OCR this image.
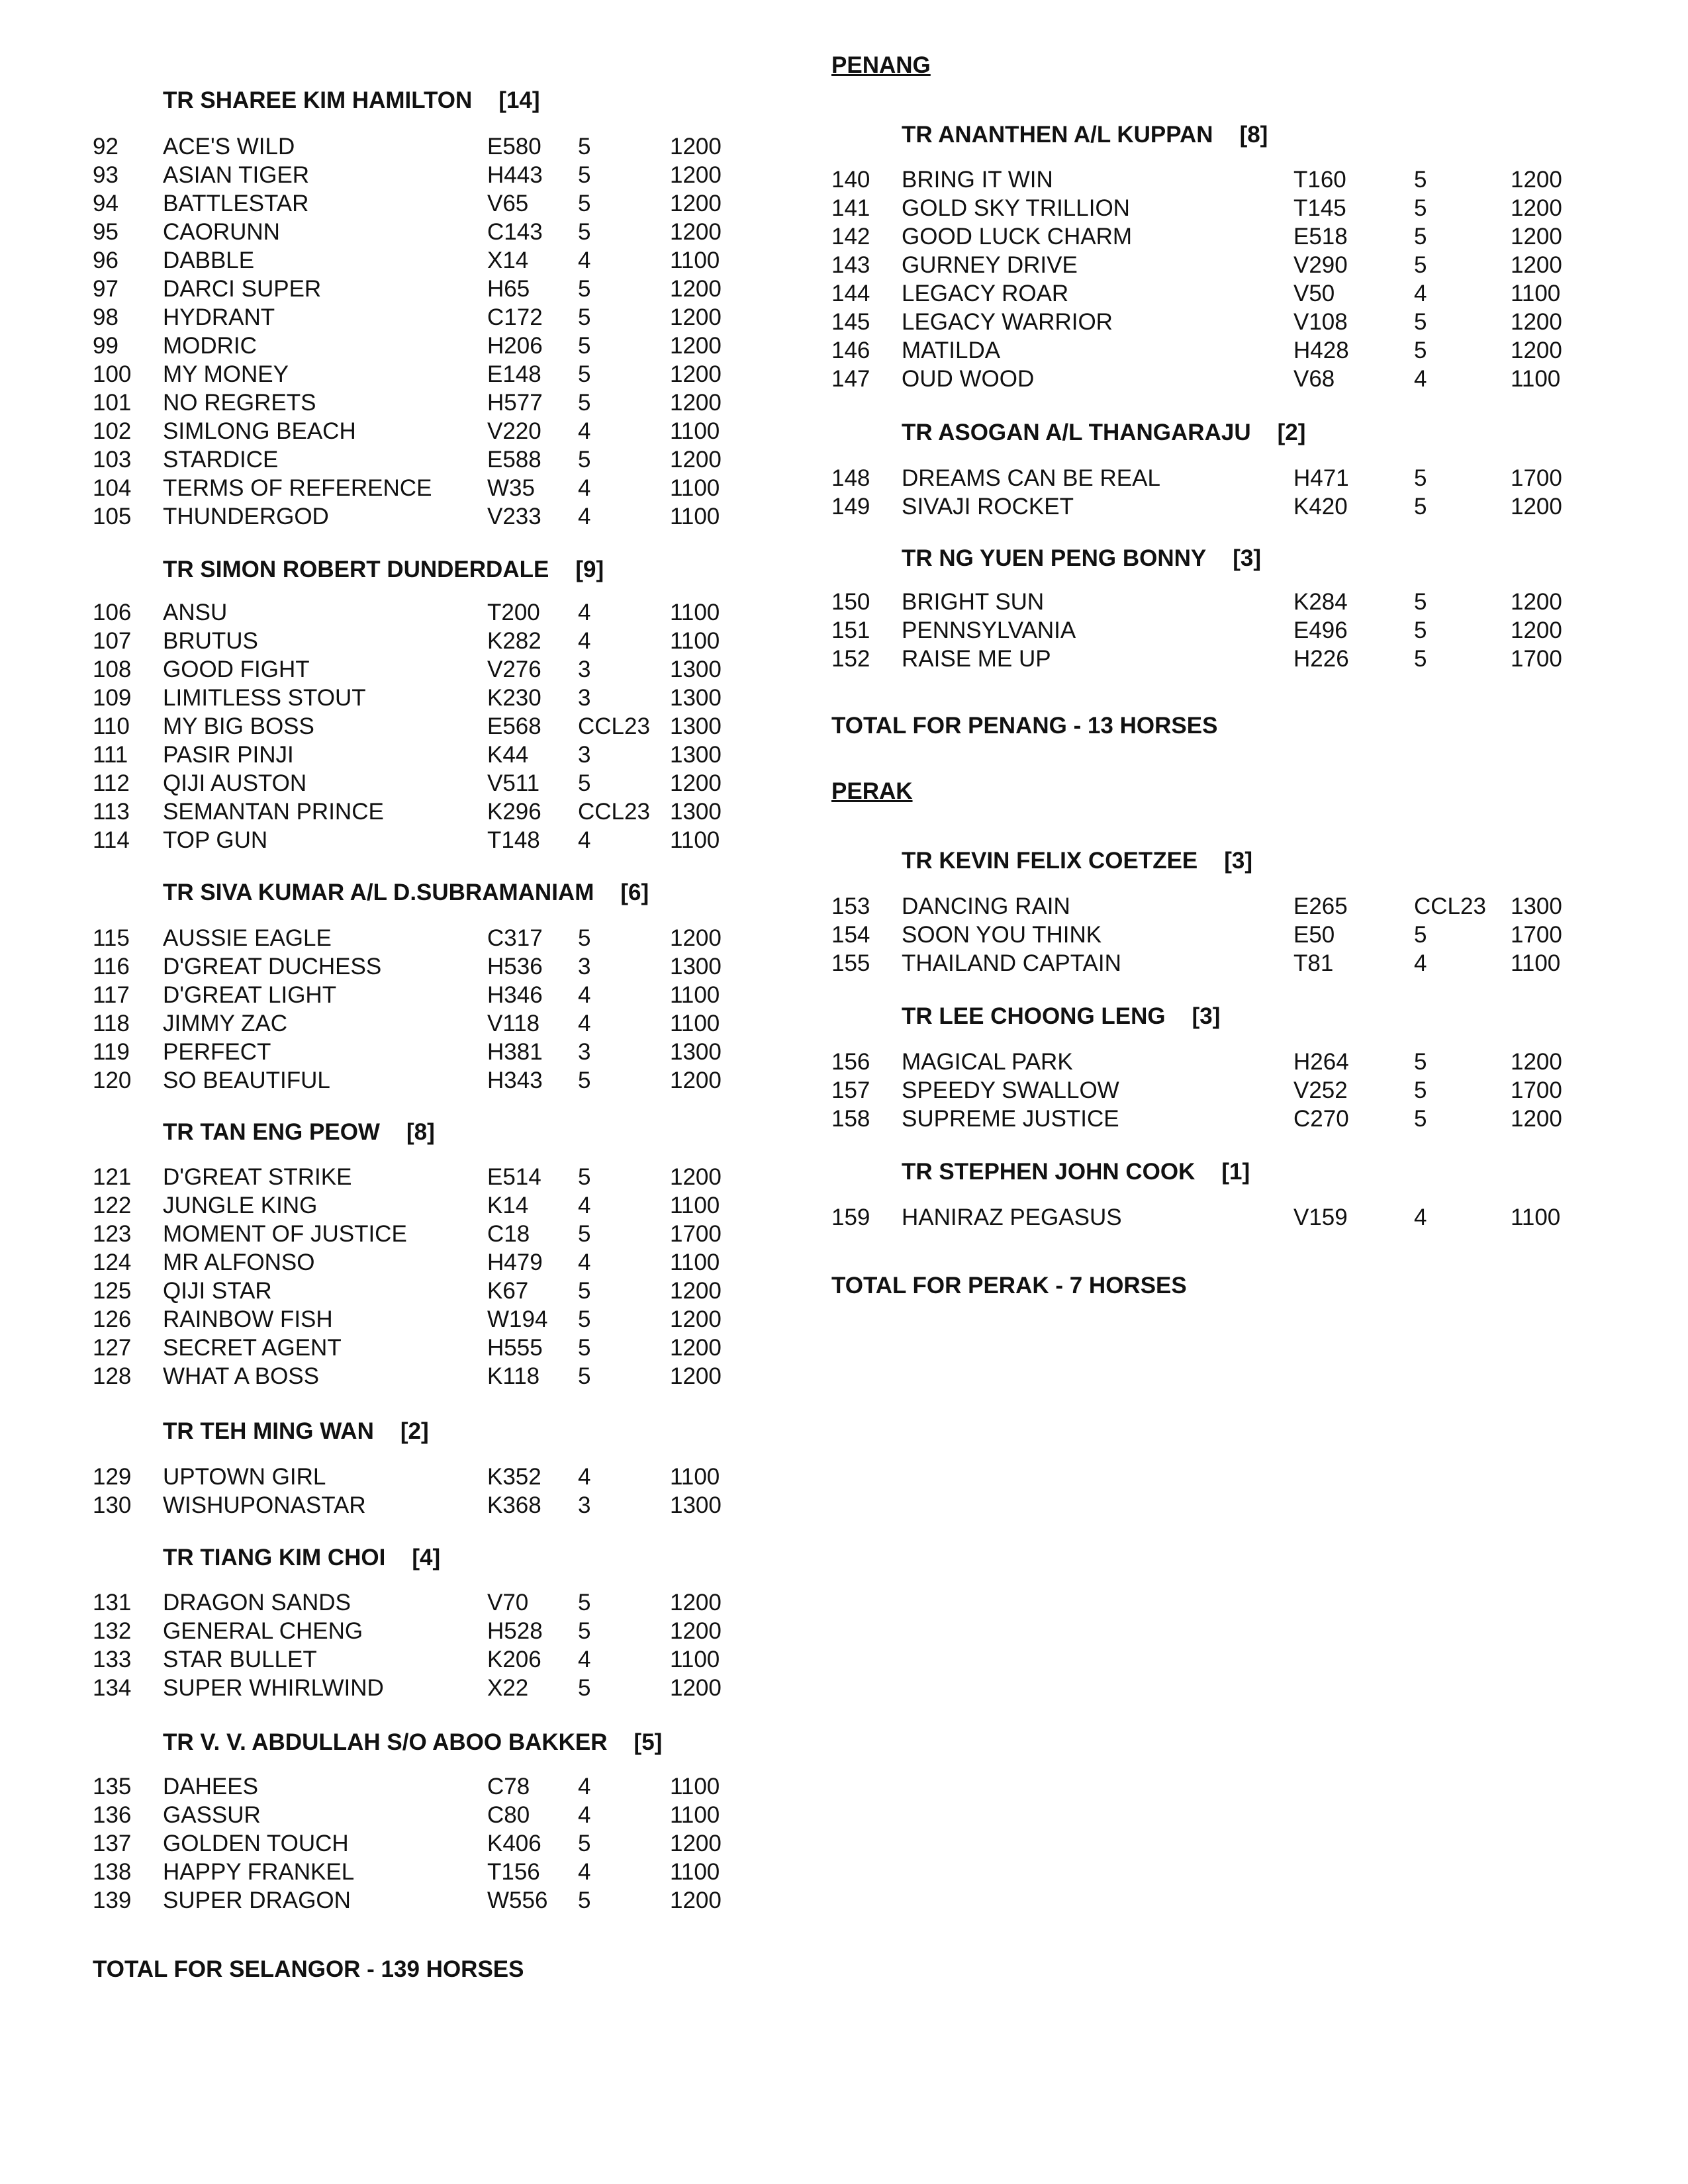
TR SHAREE KIM HAMILTON [14]
92 ACE'S WILD	E580 5	1200
93 ASIAN TIGER	H443 5	1200
94 BATTLESTAR	V65 5	1200
95 CAORUNN	C143 5	1200
96 DABBLE	X14 4	1100
97 DARCI SUPER	H65 5	1200
98 HYDRANT	C172 5	1200
99 MODRIC	H206 5	1200
100 MY MONEY	E148 5	1200
101 NO REGRETS	H577 5	1200
102 SIMLONG BEACH	V220 4	1100
103 STARDICE	E588 5	1200
104 TERMS OF REFERENCE W35 4	1100
105 THUNDERGOD	V233 4	1100
TR SIMON ROBERT DUNDERDALE [9]
106 ANSU	T200 4	1100
107 BRUTUS	K282 4	1100
108 GOOD FIGHT	V276 3	1300
109 LIMITLESS STOUT	K230 3	1300
110 MY BIG BOSS	E568 CCL23 1300
111 PASIR PINJI	K44 3	1300
112 QIJI AUSTON	V511 5	1200
113 SEMANTAN PRINCE	K296 CCL23 1300
114 TOP GUN	T148 4	1100
TR SIVA KUMAR A/L D.SUBRAMANIAM [6]
115 AUSSIE EAGLE	C317 5	1200
116 D'GREAT DUCHESS	H536 3	1300
117 D'GREAT LIGHT	H346 4	1100
118 JIMMY ZAC	V118 4	1100
119 PERFECT	H381 3	1300
120 SO BEAUTIFUL	H343 5	1200
TR TAN ENG PEOW [8]
121 D'GREAT STRIKE	E514 5	1200
122 JUNGLE KING	K14 4	1100
123 MOMENT OF JUSTICE	C18 5	1700
124 MR ALFONSO	H479 4	1100
125 QIJI STAR	K67 5	1200
126 RAINBOW FISH	W194 5	1200
127 SECRET AGENT	H555 5	1200
128 WHAT A BOSS	K118 5	1200
TR TEH MING WAN [2]
129 UPTOWN GIRL	K352 4	1100
130 WISHUPONASTAR	K368 3	1300
TR TIANG KIM CHOI [4]
131 DRAGON SANDS	V70 5	1200
132 GENERAL CHENG	H528 5	1200
133 STAR BULLET	K206 4	1100
134 SUPER WHIRLWIND	X22 5	1200
TR V. V. ABDULLAH S/O ABOO BAKKER [5]
135 DAHEES	C78 4	1100
136 GASSUR	C80 4	1100
137 GOLDEN TOUCH	K406 5	1200
138 HAPPY FRANKEL	T156 4	1100
139 SUPER DRAGON	W556 5	1200
TOTAL FOR SELANGOR - 139 HORSES
PENANG
TR ANANTHEN A/L KUPPAN [8]
140 BRING IT WIN	T160	5	1200
141 GOLD SKY TRILLION	T145	5	1200
142 GOOD LUCK CHARM	E518	5	1200
143 GURNEY DRIVE	V290	5	1200
144 LEGACY ROAR	V50	4	1100
145 LEGACY WARRIOR	V108	5	1200
146 MATILDA	H428	5	1200
147 OUD WOOD	V68	4	1100
TR ASOGAN A/L THANGARAJU [2]
148 DREAMS CAN BE REAL	H471	5	1700
149 SIVAJI ROCKET	K420	5	1200
TR NG YUEN PENG BONNY [3]
150 BRIGHT SUN	K284	5	1200
151 PENNSYLVANIA	E496	5	1200
152 RAISE ME UP	H226	5	1700
TOTAL FOR PENANG - 13 HORSES
PERAK
TR KEVIN FELIX COETZEE [3]
153 DANCING RAIN	E265	CCL23 1300
154 SOON YOU THINK	E50	5	1700
155 THAILAND CAPTAIN	T81	4	1100
TR LEE CHOONG LENG [3]
156 MAGICAL PARK	H264	5	1200
157 SPEEDY SWALLOW	V252	5	1700
158 SUPREME JUSTICE	C270	5	1200
TR STEPHEN JOHN COOK [1]
159 HANIRAZ PEGASUS	V159	4	1100
TOTAL FOR PERAK - 7 HORSES
